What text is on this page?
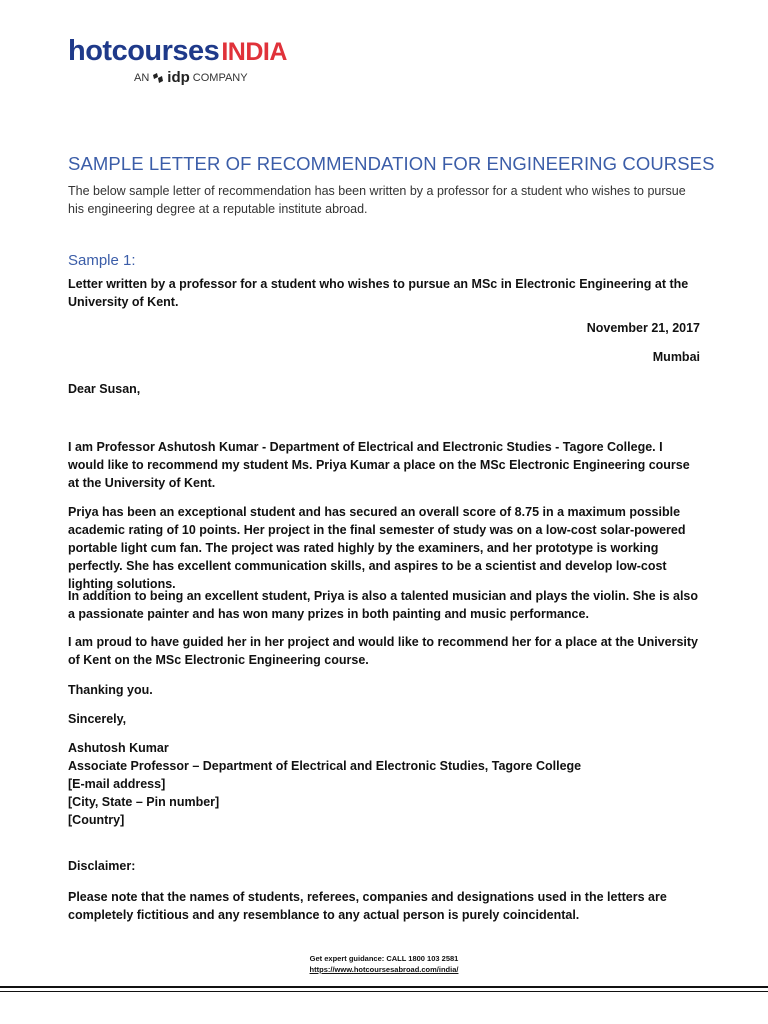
hotcoursesINDIA
AN idp COMPANY
SAMPLE LETTER OF RECOMMENDATION FOR ENGINEERING COURSES
The below sample letter of recommendation has been written by a professor for a student who wishes to pursue his engineering degree at a reputable institute abroad.
Sample 1:
Letter written by a professor for a student who wishes to pursue an MSc in Electronic Engineering at the University of Kent.
November 21, 2017
Mumbai
Dear Susan,
I am Professor Ashutosh Kumar - Department of Electrical and Electronic Studies - Tagore College. I would like to recommend my student Ms. Priya Kumar a place on the MSc Electronic Engineering course at the University of Kent.
Priya has been an exceptional student and has secured an overall score of 8.75 in a maximum possible academic rating of 10 points. Her project in the final semester of study was on a low-cost solar-powered portable light cum fan. The project was rated highly by the examiners, and her prototype is working perfectly. She has excellent communication skills, and aspires to be a scientist and develop low-cost lighting solutions.
In addition to being an excellent student, Priya is also a talented musician and plays the violin. She is also a passionate painter and has won many prizes in both painting and music performance.
I am proud to have guided her in her project and would like to recommend her for a place at the University of Kent on the MSc Electronic Engineering course.
Thanking you.
Sincerely,

Ashutosh Kumar

Associate Professor – Department of Electrical and Electronic Studies, Tagore College

[E-mail address]

[City, State – Pin number]

[Country]

Disclaimer:
Please note that the names of students, referees, companies and designations used in the letters are completely fictitious and any resemblance to any actual person is purely coincidental.
Get expert guidance: CALL 1800 103 2581
https://www.hotcoursesabroad.com/india/
